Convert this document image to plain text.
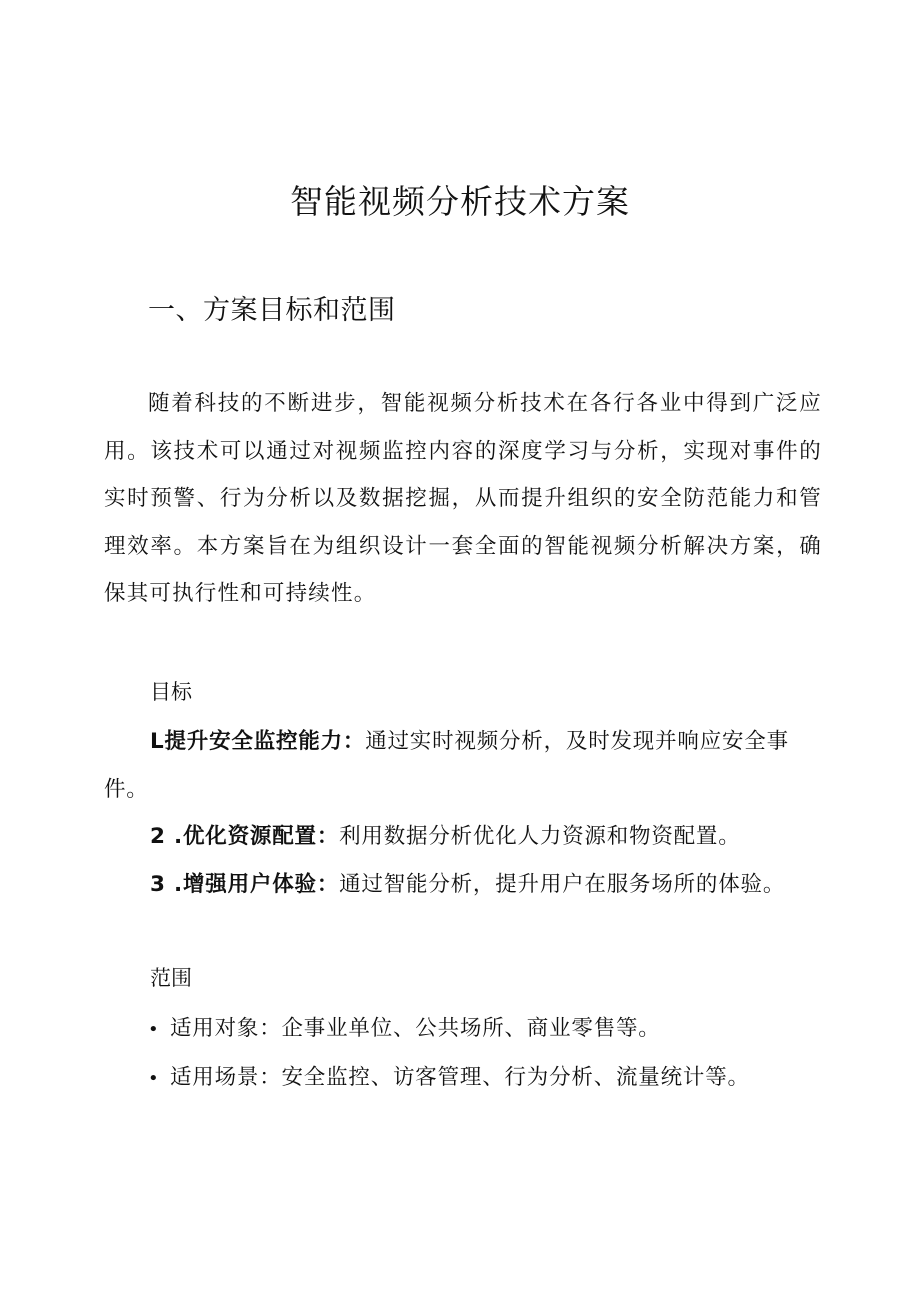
智能视频分析技术方案
一、方案目标和范围

随着科技的不断进步，智能视频分析技术在各行各业中得到广泛应用。该技术可以通过对视频监控内容的深度学习与分析，实现对事件的实时预警、行为分析以及数据挖掘，从而提升组织的安全防范能力和管理效率。本方案旨在为组织设计一套全面的智能视频分析解决方案，确保其可执行性和可持续性。

目标
L提升安全监控能力：通过实时视频分析，及时发现并响应安全事件。
2 .优化资源配置：利用数据分析优化人力资源和物资配置。
3 .增强用户体验：通过智能分析，提升用户在服务场所的体验。
范围
• 适用对象：企事业单位、公共场所、商业零售等。
• 适用场景：安全监控、访客管理、行为分析、流量统计等。
